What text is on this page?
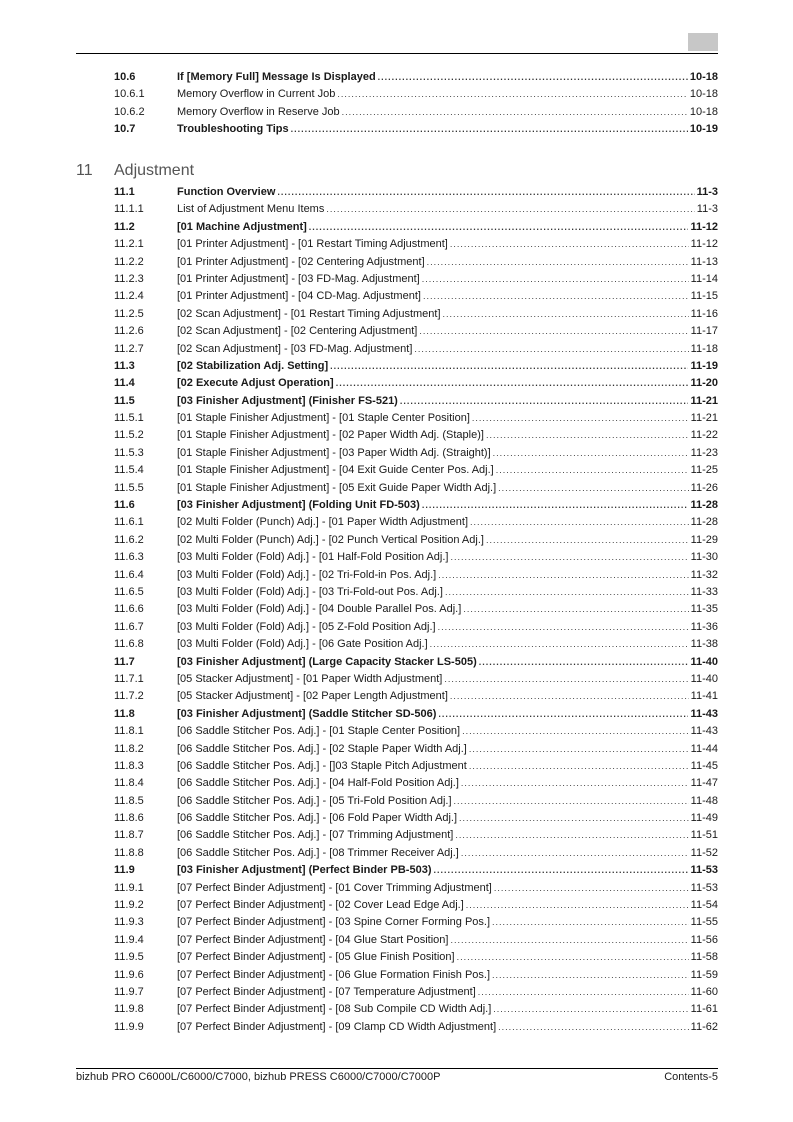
10.6	If [Memory Full] Message Is Displayed .....	10-18
10.6.1	Memory Overflow in Current Job .....	10-18
10.6.2	Memory Overflow in Reserve Job .....	10-18
10.7	Troubleshooting Tips .....	10-19
11	Adjustment
11.1	Function Overview .....	11-3
11.1.1	List of Adjustment Menu Items .....	11-3
11.2	[01 Machine Adjustment] .....	11-12
11.2.1	[01 Printer Adjustment] - [01 Restart Timing Adjustment] .....	11-12
11.2.2	[01 Printer Adjustment] - [02 Centering Adjustment] .....	11-13
11.2.3	[01 Printer Adjustment] - [03 FD-Mag. Adjustment] .....	11-14
11.2.4	[01 Printer Adjustment] - [04 CD-Mag. Adjustment] .....	11-15
11.2.5	[02 Scan Adjustment] - [01 Restart Timing Adjustment] .....	11-16
11.2.6	[02 Scan Adjustment] - [02 Centering Adjustment] .....	11-17
11.2.7	[02 Scan Adjustment] - [03 FD-Mag. Adjustment] .....	11-18
11.3	[02 Stabilization Adj. Setting] .....	11-19
11.4	[02 Execute Adjust Operation] .....	11-20
11.5	[03 Finisher Adjustment] (Finisher FS-521) .....	11-21
11.5.1	[01 Staple Finisher Adjustment] - [01 Staple Center Position] .....	11-21
11.5.2	[01 Staple Finisher Adjustment] - [02 Paper Width Adj. (Staple)] .....	11-22
11.5.3	[01 Staple Finisher Adjustment] - [03 Paper Width Adj. (Straight)] .....	11-23
11.5.4	[01 Staple Finisher Adjustment] - [04 Exit Guide Center Pos. Adj.] .....	11-25
11.5.5	[01 Staple Finisher Adjustment] - [05 Exit Guide Paper Width Adj.] .....	11-26
11.6	[03 Finisher Adjustment] (Folding Unit FD-503) .....	11-28
11.6.1	[02 Multi Folder (Punch) Adj.] - [01 Paper Width Adjustment] .....	11-28
11.6.2	[02 Multi Folder (Punch) Adj.] - [02 Punch Vertical Position Adj.] .....	11-29
11.6.3	[03 Multi Folder (Fold) Adj.] - [01 Half-Fold Position Adj.] .....	11-30
11.6.4	[03 Multi Folder (Fold) Adj.] - [02 Tri-Fold-in Pos. Adj.] .....	11-32
11.6.5	[03 Multi Folder (Fold) Adj.] - [03 Tri-Fold-out Pos. Adj.] .....	11-33
11.6.6	[03 Multi Folder (Fold) Adj.] - [04 Double Parallel Pos. Adj.] .....	11-35
11.6.7	[03 Multi Folder (Fold) Adj.] - [05 Z-Fold Position Adj.] .....	11-36
11.6.8	[03 Multi Folder (Fold) Adj.] - [06 Gate Position Adj.] .....	11-38
11.7	[03 Finisher Adjustment] (Large Capacity Stacker LS-505) .....	11-40
11.7.1	[05 Stacker Adjustment] - [01 Paper Width Adjustment] .....	11-40
11.7.2	[05 Stacker Adjustment] - [02 Paper Length Adjustment] .....	11-41
11.8	[03 Finisher Adjustment] (Saddle Stitcher SD-506) .....	11-43
11.8.1	[06 Saddle Stitcher Pos. Adj.] - [01 Staple Center Position] .....	11-43
11.8.2	[06 Saddle Stitcher Pos. Adj.] - [02 Staple Paper Width Adj.] .....	11-44
11.8.3	[06 Saddle Stitcher Pos. Adj.] - []03 Staple Pitch Adjustment .....	11-45
11.8.4	[06 Saddle Stitcher Pos. Adj.] - [04 Half-Fold Position Adj.] .....	11-47
11.8.5	[06 Saddle Stitcher Pos. Adj.] - [05 Tri-Fold Position Adj.] .....	11-48
11.8.6	[06 Saddle Stitcher Pos. Adj.] - [06 Fold Paper Width Adj.] .....	11-49
11.8.7	[06 Saddle Stitcher Pos. Adj.] - [07 Trimming Adjustment] .....	11-51
11.8.8	[06 Saddle Stitcher Pos. Adj.] - [08 Trimmer Receiver Adj.] .....	11-52
11.9	[03 Finisher Adjustment] (Perfect Binder PB-503) .....	11-53
11.9.1	[07 Perfect Binder Adjustment] - [01 Cover Trimming Adjustment] .....	11-53
11.9.2	[07 Perfect Binder Adjustment] - [02 Cover Lead Edge Adj.] .....	11-54
11.9.3	[07 Perfect Binder Adjustment] - [03 Spine Corner Forming Pos.] .....	11-55
11.9.4	[07 Perfect Binder Adjustment] - [04 Glue Start Position] .....	11-56
11.9.5	[07 Perfect Binder Adjustment] - [05 Glue Finish Position] .....	11-58
11.9.6	[07 Perfect Binder Adjustment] - [06 Glue Formation Finish Pos.] .....	11-59
11.9.7	[07 Perfect Binder Adjustment] - [07 Temperature Adjustment] .....	11-60
11.9.8	[07 Perfect Binder Adjustment] - [08 Sub Compile CD Width Adj.] .....	11-61
11.9.9	[07 Perfect Binder Adjustment] - [09 Clamp CD Width Adjustment] .....	11-62
bizhub PRO C6000L/C6000/C7000, bizhub PRESS C6000/C7000/C7000P	Contents-5
